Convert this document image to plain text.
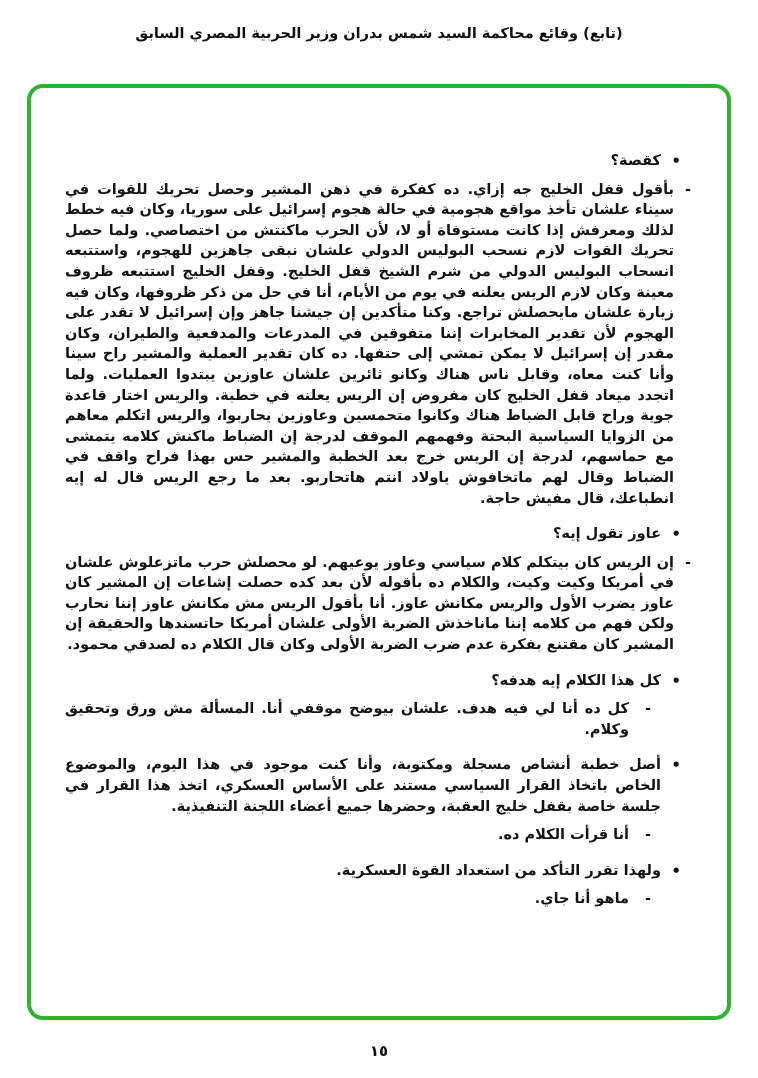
(تابع) وقائع محاكمة السيد شمس بدران وزير الحربية المصري السابق
•
كقصة؟
-
بأقول قفل الخليج جه إزاي. ده كفكرة في ذهن المشير وحصل تحريك للقوات في سيناء علشان تأخذ مواقع هجومية في حالة هجوم إسرائيل على سوريا، وكان فيه خطط لذلك ومعرفش إذا كانت مستوفاة أو لا، لأن الحرب ماكنتش من اختصاصي. ولما حصل تحريك القوات لازم نسحب البوليس الدولي علشان نبقى جاهزين للهجوم، واستتبعه انسحاب البوليس الدولي من شرم الشيخ قفل الخليج. وقفل الخليج استتبعه ظروف معينة وكان لازم الريس يعلنه في يوم من الأيام، أنا في حل من ذكر ظروفها، وكان فيه زيارة علشان مايحصلش تراجع. وكنا متأكدين إن جيشنا جاهز وإن إسرائيل لا تقدر على الهجوم لأن تقدير المخابرات إننا متفوقين في المدرعات والمدفعية والطيران، وكان مقدر إن إسرائيل لا يمكن تمشي إلى حتفها. ده كان تقدير العملية والمشير راح سينا وأنا كنت معاه، وقابل ناس هناك وكانو ثائرين علشان عاوزين يبتدوا العمليات. ولما اتجدد ميعاد قفل الخليج كان مفروض إن الريس يعلنه في خطبة. والريس اختار قاعدة جوية وراح قابل الضباط هناك وكانوا متحمسين وعاوزين يحاربوا، والريس اتكلم معاهم من الزوايا السياسية البحتة وفهمهم الموقف لدرجة إن الضباط ماكنش كلامه يتمشى مع حماسهم، لدرجة إن الريس خرج بعد الخطبة والمشير حس بهذا فراح واقف في الضباط وقال لهم ماتخافوش ياولاد انتم هاتحاربو. بعد ما رجع الريس قال له إيه انطباعك، قال مفيش حاجة.
•
عاوز تقول إيه؟
-
إن الريس كان بيتكلم كلام سياسي وعاوز يوعيهم. لو محصلش حرب ماتزعلوش علشان في أمريكا وكيت وكيت، والكلام ده بأقوله لأن بعد كده حصلت إشاعات إن المشير كان عاوز يضرب الأول والريس مكانش عاوز. أنا بأقول الريس مش مكانش عاوز إننا نحارب ولكن فهم من كلامه إننا ماناخذش الضربة الأولى علشان أمريكا حاتسندها والحقيقة إن المشير كان مقتنع بفكرة عدم ضرب الضربة الأولى وكان قال الكلام ده لصدقي محمود.
•
كل هذا الكلام إيه هدفه؟
-
كل ده أنا لي فيه هدف. علشان بيوضح موقفي أنا. المسألة مش ورق وتحقيق وكلام.
•
أصل خطبة أنشاص مسجلة ومكتوبة، وأنا كنت موجود في هذا اليوم، والموضوع الخاص باتخاذ القرار السياسي مستند على الأساس العسكري، اتخذ هذا القرار في جلسة خاصة بقفل خليج العقبة، وحضرها جميع أعضاء اللجنة التنفيذية.
-
أنا قرأت الكلام ده.
•
ولهذا تقرر التأكد من استعداد القوة العسكرية.
-
ماهو أنا جاي.
١٥
